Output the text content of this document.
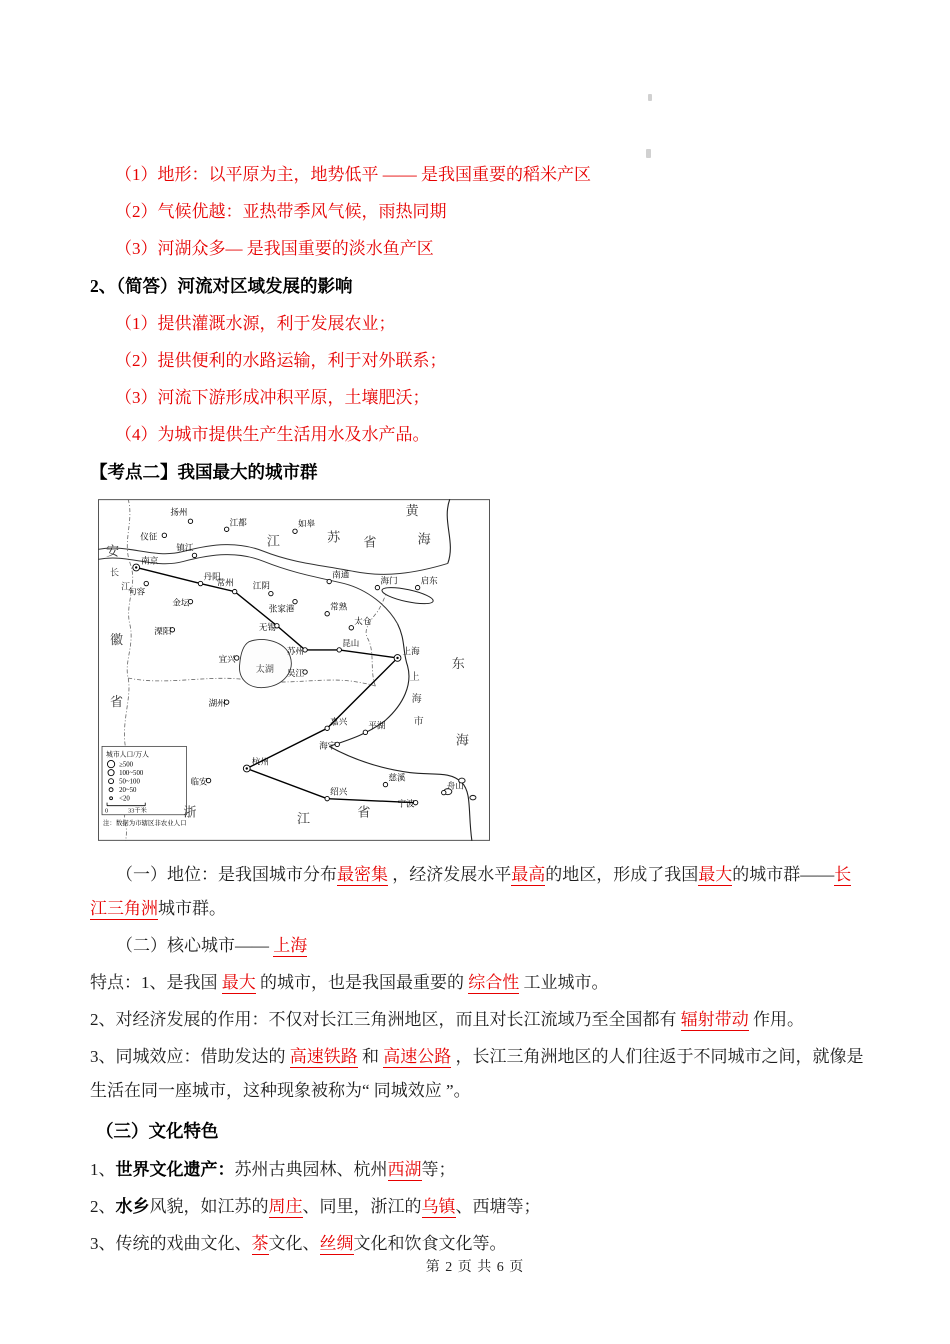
（1）地形：以平原为主，地势低平 —— 是我国重要的稻米产区

（2）气候优越：亚热带季风气候，雨热同期

（3）河湖众多— 是我国重要的淡水鱼产区

2、（简答）河流对区域发展的影响

（1）提供灌溉水源，利于发展农业；

（2）提供便利的水路运输，利于对外联系；

（3）河流下游形成冲积平原，土壤肥沃；

（4）为城市提供生产生活用水及水产品。

【考点二】我国最大的城市群

城市人口/万人
≥500
100~500
50~100
20~50
<20
0	33千米
注：数据为市辖区非农业人口
安
徽
省
长
江
江	苏 省
黄
海
东
海
上
海
市
浙	江	省
太湖
扬州
仪征
江都	如皋
南通
海门	启东
南京
句容
镇江
丹阳
常州
金坛
溧阳
宜兴
江阴
张家港	常熟
太仓
无锡
苏州
昆山
上海
吴江
湖州
嘉兴 平湖
海宁
杭州
临安
绍兴
慈溪
宁波
舟山

（一）地位：是我国城市分布最密集 ，经济发展水平最高的地区，形成了我国最大的城市群——长江三角洲城市群。

（二）核心城市—— 上海

特点：1、是我国 最大 的城市，也是我国最重要的 综合性 工业城市。

2、对经济发展的作用：不仅对长江三角洲地区，而且对长江流域乃至全国都有 辐射带动 作用。

3、同城效应：借助发达的 高速铁路 和 高速公路 ，长江三角洲地区的人们往返于不同城市之间，就像是生活在同一座城市，这种现象被称为“ 同城效应 ”。

（三）文化特色

1、世界文化遗产：苏州古典园林、杭州西湖等；

2、水乡风貌，如江苏的周庄、同里，浙江的乌镇、西塘等；

3、传统的戏曲文化、茶文化、丝绸文化和饮食文化等。

第 2 页 共 6 页
